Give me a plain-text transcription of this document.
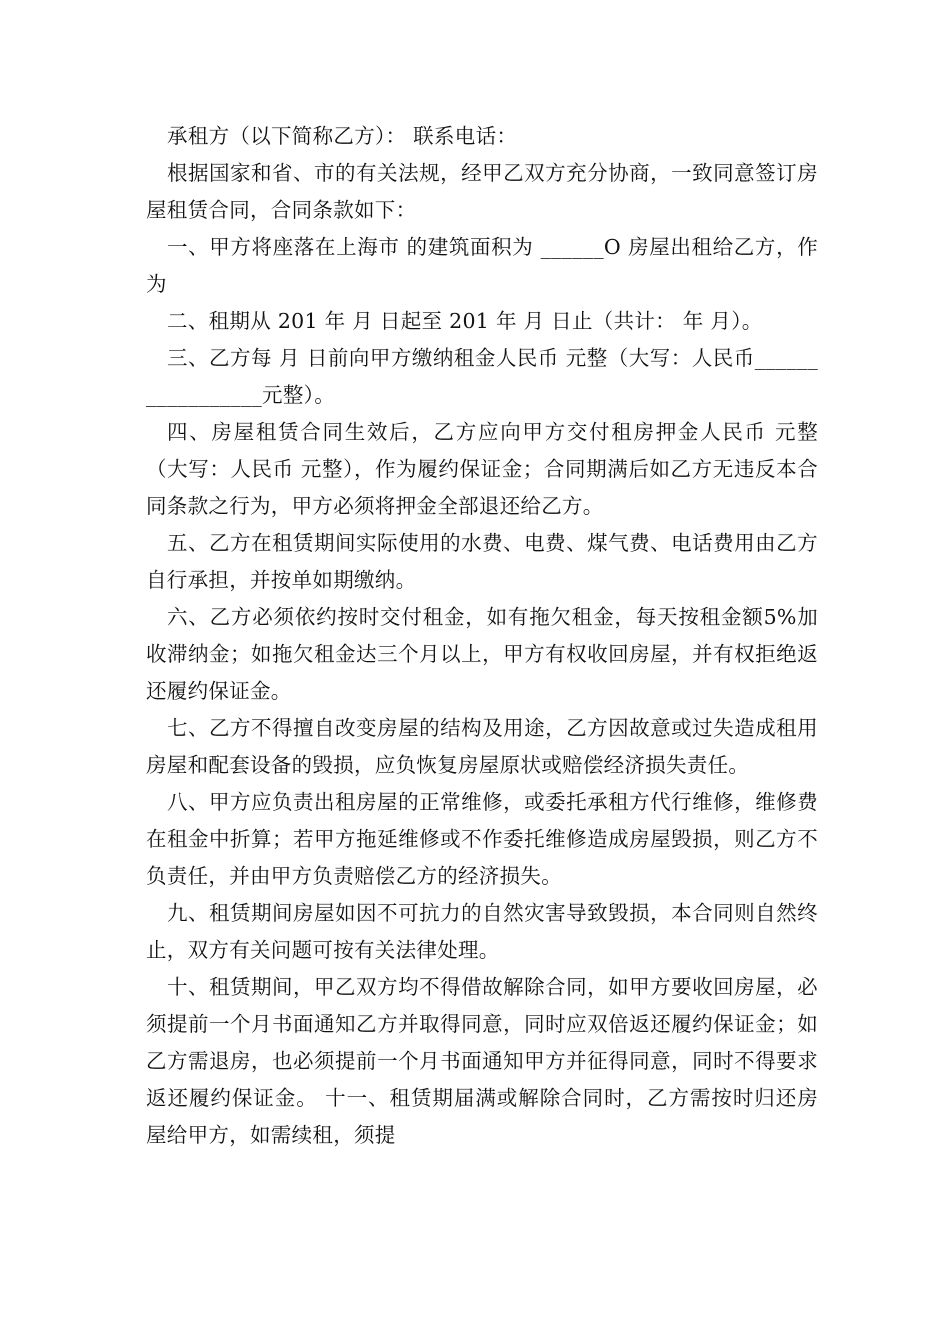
承租方（以下简称乙方）： 联系电话：

根据国家和省、市的有关法规，经甲乙双方充分协商，一致同意签订房屋租赁合同，合同条款如下：

一、甲方将座落在上海市 的建筑面积为 ______O 房屋出租给乙方，作为

二、租期从 201 年 月 日起至 201 年 月 日止（共计： 年 月）。

三、乙方每 月 日前向甲方缴纳租金人民币 元整（大写：人民币_________________元整）。

四、房屋租赁合同生效后，乙方应向甲方交付租房押金人民币 元整（大写：人民币 元整），作为履约保证金；合同期满后如乙方无违反本合同条款之行为，甲方必须将押金全部退还给乙方。

五、乙方在租赁期间实际使用的水费、电费、煤气费、电话费用由乙方自行承担，并按单如期缴纳。

六、乙方必须依约按时交付租金，如有拖欠租金，每天按租金额5%加收滞纳金；如拖欠租金达三个月以上，甲方有权收回房屋，并有权拒绝返还履约保证金。

七、乙方不得擅自改变房屋的结构及用途，乙方因故意或过失造成租用房屋和配套设备的毁损，应负恢复房屋原状或赔偿经济损失责任。

八、甲方应负责出租房屋的正常维修，或委托承租方代行维修，维修费在租金中折算；若甲方拖延维修或不作委托维修造成房屋毁损，则乙方不负责任，并由甲方负责赔偿乙方的经济损失。

九、租赁期间房屋如因不可抗力的自然灾害导致毁损，本合同则自然终止，双方有关问题可按有关法律处理。

十、租赁期间，甲乙双方均不得借故解除合同，如甲方要收回房屋，必须提前一个月书面通知乙方并取得同意，同时应双倍返还履约保证金；如乙方需退房，也必须提前一个月书面通知甲方并征得同意，同时不得要求返还履约保证金。 十一、租赁期届满或解除合同时，乙方需按时归还房屋给甲方，如需续租，须提
